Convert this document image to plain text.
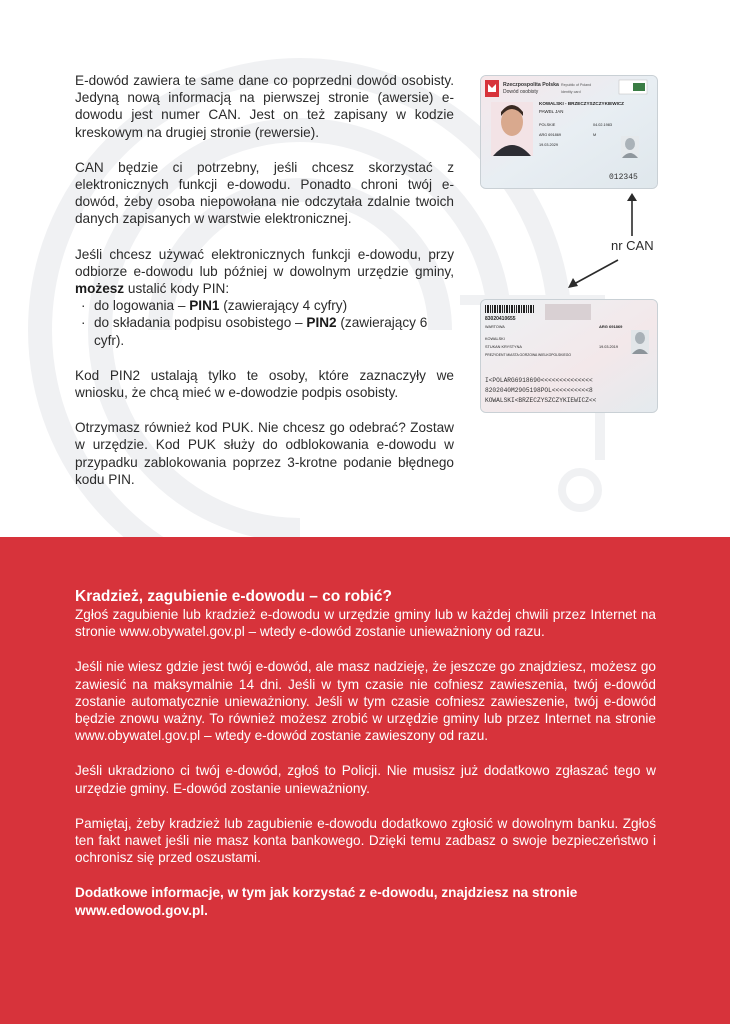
E-dowód zawiera te same dane co poprzedni dowód osobisty. Jedyną nową informacją na pierwszej stronie (awersie) e-dowodu jest numer CAN. Jest on też zapisany w kodzie kreskowym na drugiej stronie (rewersie).

CAN będzie ci potrzebny, jeśli chcesz skorzystać z elektronicznych funkcji e-dowodu. Ponadto chroni twój e-dowód, żeby osoba niepowołana nie odczytała zdalnie twoich danych zapisanych w warstwie elektronicznej.

Jeśli chcesz używać elektronicznych funkcji e-dowodu, przy odbiorze e-dowodu lub później w dowolnym urzędzie gminy, możesz ustalić kody PIN:
· do logowania – PIN1 (zawierający 4 cyfry)
· do składania podpisu osobistego – PIN2 (zawierający 6 cyfr).

Kod PIN2 ustalają tylko te osoby, które zaznaczyły we wniosku, że chcą mieć w e-dowodzie podpis osobisty.

Otrzymasz również kod PUK. Nie chcesz go odebrać? Zostaw w urzędzie. Kod PUK służy do odblokowania e-dowodu w przypadku zablokowania poprzez 3-krotne podanie błędnego kodu PIN.

Rzeczpospolita Polska Republic of Poland
Dowód osobisty	Identity card
KOWALSKI - BRZECZYSZCZYKIEWICZ
PAWEŁ JAN
POLSKIE	04.02.1983
ARG 691869	M
19.03.2029
012345
nr CAN
83020410655
WARTOWA	ARG 691869
KOWALSKI
STUKAN KRYSTYNA	19.03.2019
PREZYDENT MIASTA GORZOWA WIELKOPOLSKIEGO
I<POLARG6918690<<<<<<<<<<<<<<
8202040M2905198POL<<<<<<<<<<8
KOWALSKI<BRZECZYSZCZYKIEWICZ<<
Kradzież, zagubienie e-dowodu – co robić?

Zgłoś zagubienie lub kradzież e-dowodu w urzędzie gminy lub w każdej chwili przez Internet na stronie www.obywatel.gov.pl – wtedy e-dowód zostanie unieważniony od razu.

Jeśli nie wiesz gdzie jest twój e-dowód, ale masz nadzieję, że jeszcze go znajdziesz, możesz go zawiesić na maksymalnie 14 dni. Jeśli w tym czasie nie cofniesz zawieszenia, twój e-dowód zostanie automatycznie unieważniony. Jeśli w tym czasie cofniesz zawieszenie, twój e-dowód będzie znowu ważny. To również możesz zrobić w urzędzie gminy lub przez Internet na stronie www.obywatel.gov.pl – wtedy e-dowód zostanie zawieszony od razu.

Jeśli ukradziono ci twój e-dowód, zgłoś to Policji. Nie musisz już dodatkowo zgłaszać tego w urzędzie gminy. E-dowód zostanie unieważniony.

Pamiętaj, żeby kradzież lub zagubienie e-dowodu dodatkowo zgłosić w dowolnym banku. Zgłoś ten fakt nawet jeśli nie masz konta bankowego. Dzięki temu zadbasz o swoje bezpieczeństwo i ochronisz się przed oszustami.

Dodatkowe informacje, w tym jak korzystać z e-dowodu, znajdziesz na stronie www.edowod.gov.pl.
